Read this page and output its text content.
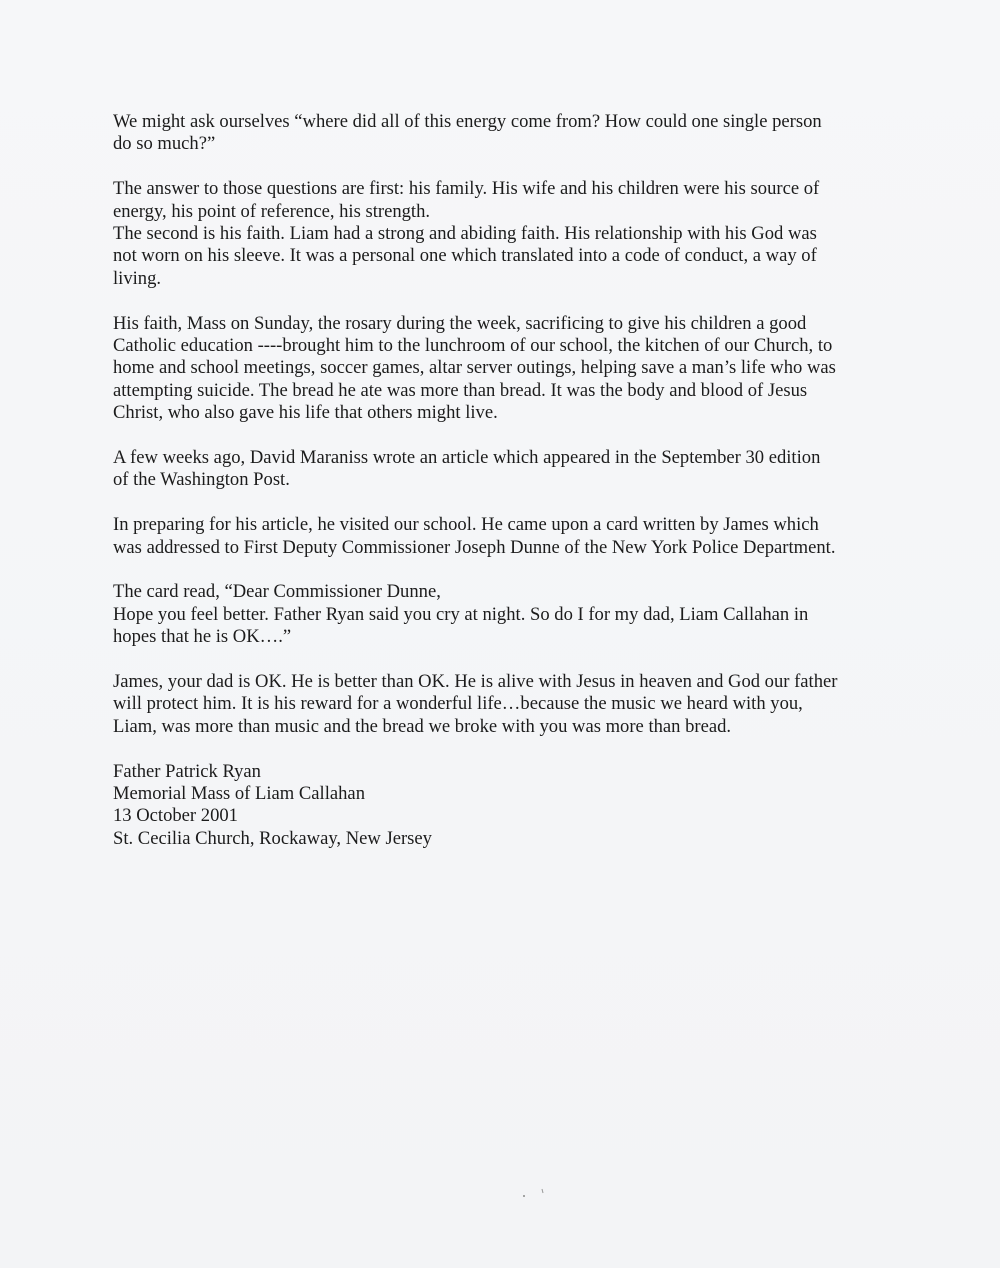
We might ask ourselves “where did all of this energy come from? How could one single person
do so much?”

The answer to those questions are first: his family. His wife and his children were his source of
energy, his point of reference, his strength.
The second is his faith. Liam had a strong and abiding faith. His relationship with his God was
not worn on his sleeve. It was a personal one which translated into a code of conduct, a way of
living.

His faith, Mass on Sunday, the rosary during the week, sacrificing to give his children a good
Catholic education ----brought him to the lunchroom of our school, the kitchen of our Church, to
home and school meetings, soccer games, altar server outings, helping save a man’s life who was
attempting suicide. The bread he ate was more than bread. It was the body and blood of Jesus
Christ, who also gave his life that others might live.

A few weeks ago, David Maraniss wrote an article which appeared in the September 30 edition
of the Washington Post.

In preparing for his article, he visited our school. He came upon a card written by James which
was addressed to First Deputy Commissioner Joseph Dunne of the New York Police Department.

The card read, “Dear Commissioner Dunne,
Hope you feel better. Father Ryan said you cry at night. So do I for my dad, Liam Callahan in
hopes that he is OK….”

James, your dad is OK. He is better than OK. He is alive with Jesus in heaven and God our father
will protect him. It is his reward for a wonderful life…because the music we heard with you,
Liam, was more than music and the bread we broke with you was more than bread.

Father Patrick Ryan
Memorial Mass of Liam Callahan
13 October 2001
St. Cecilia Church, Rockaway, New Jersey
